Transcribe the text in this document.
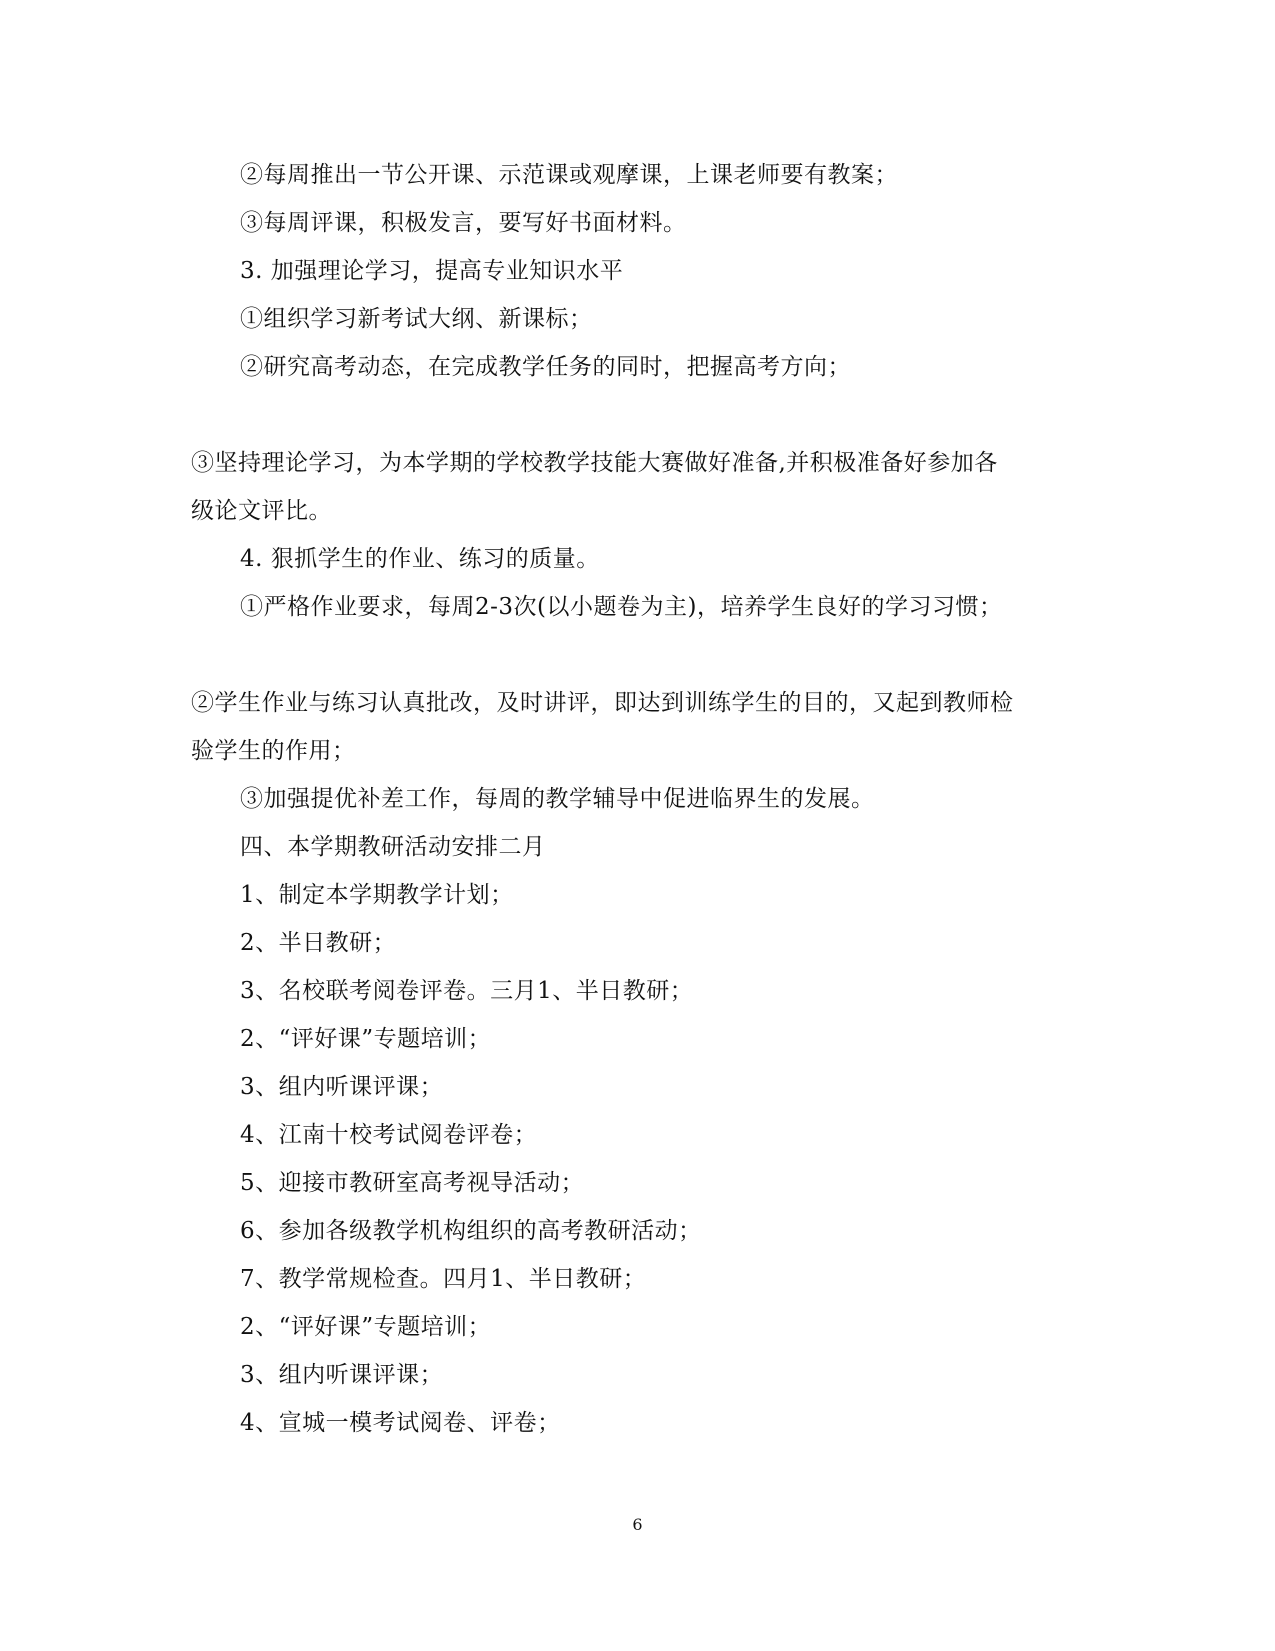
②每周推出一节公开课、示范课或观摩课，上课老师要有教案；
③每周评课，积极发言，要写好书面材料。
3. 加强理论学习，提高专业知识水平
①组织学习新考试大纲、新课标；
②研究高考动态，在完成教学任务的同时，把握高考方向；
③坚持理论学习，为本学期的学校教学技能大赛做好准备,并积极准备好参加各
级论文评比。
4. 狠抓学生的作业、练习的质量。
①严格作业要求，每周2-3次(以小题卷为主)，培养学生良好的学习习惯；
②学生作业与练习认真批改，及时讲评，即达到训练学生的目的，又起到教师检
验学生的作用；
③加强提优补差工作，每周的教学辅导中促进临界生的发展。
四、本学期教研活动安排二月
1、制定本学期教学计划；
2、半日教研；
3、名校联考阅卷评卷。三月1、半日教研；
2、“评好课”专题培训；
3、组内听课评课；
4、江南十校考试阅卷评卷；
5、迎接市教研室高考视导活动；
6、参加各级教学机构组织的高考教研活动；
7、教学常规检查。四月1、半日教研；
2、“评好课”专题培训；
3、组内听课评课；
4、宣城一模考试阅卷、评卷；
6
